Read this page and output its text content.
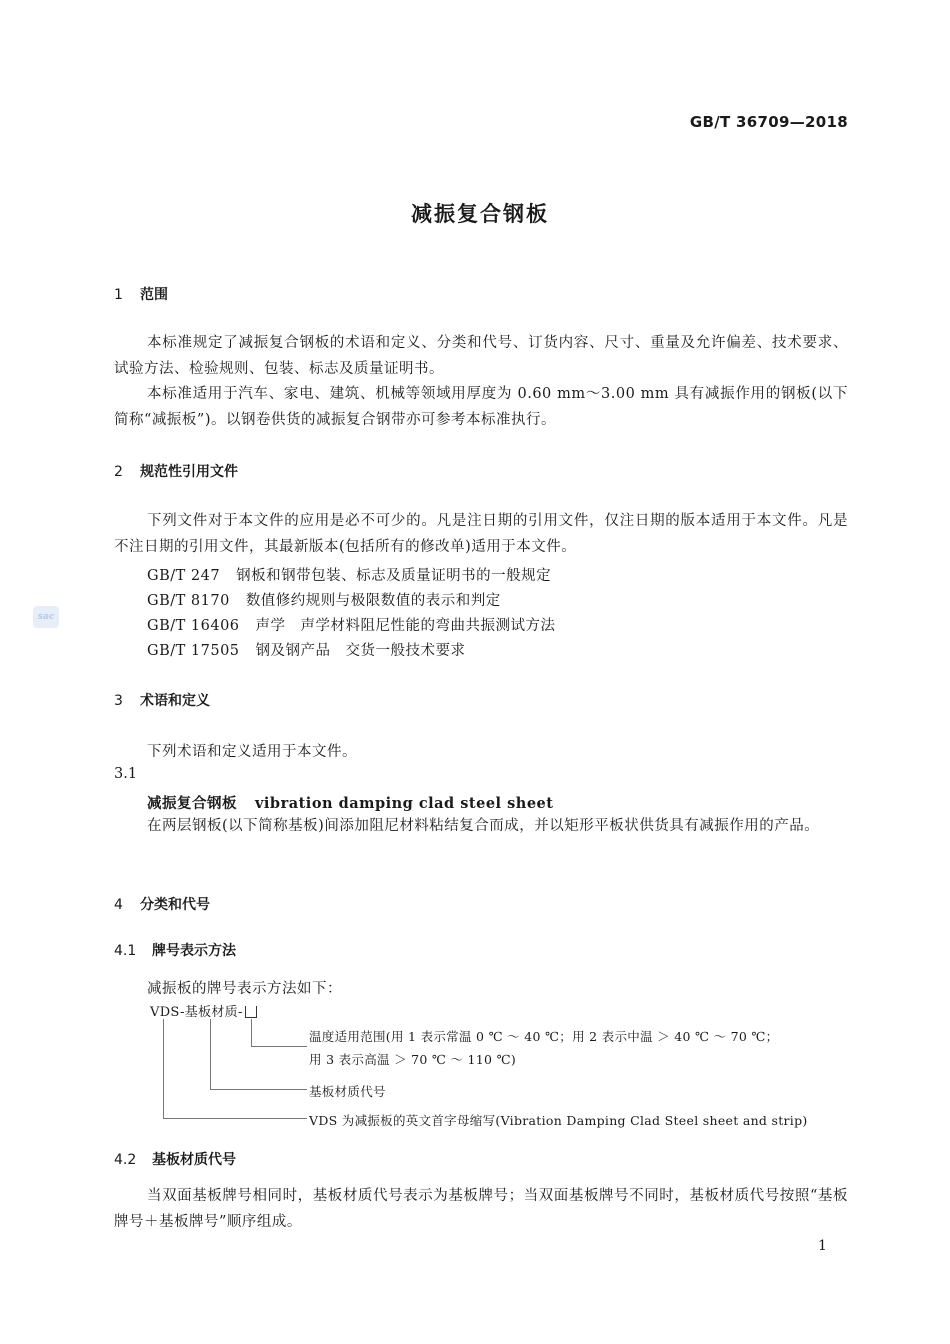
GB/T 36709—2018
减振复合钢板
1 范围
本标准规定了减振复合钢板的术语和定义、分类和代号、订货内容、尺寸、重量及允许偏差、技术要求、试验方法、检验规则、包装、标志及质量证明书。
本标准适用于汽车、家电、建筑、机械等领域用厚度为 0.60 mm～3.00 mm 具有减振作用的钢板(以下简称“减振板”)。以钢卷供货的减振复合钢带亦可参考本标准执行。
2 规范性引用文件
下列文件对于本文件的应用是必不可少的。凡是注日期的引用文件，仅注日期的版本适用于本文件。凡是不注日期的引用文件，其最新版本(包括所有的修改单)适用于本文件。
GB/T 247 钢板和钢带包装、标志及质量证明书的一般规定
GB/T 8170 数值修约规则与极限数值的表示和判定
GB/T 16406 声学　声学材料阻尼性能的弯曲共振测试方法
GB/T 17505 钢及钢产品　交货一般技术要求
3 术语和定义
下列术语和定义适用于本文件。
3.1
减振复合钢板 vibration damping clad steel sheet
在两层钢板(以下简称基板)间添加阻尼材料粘结复合而成，并以矩形平板状供货具有减振作用的产品。
4 分类和代号
4.1 牌号表示方法
减振板的牌号表示方法如下：
VDS-基板材质-
温度适用范围(用 1 表示常温 0 ℃ ～ 40 ℃；用 2 表示中温 ＞ 40 ℃ ～ 70 ℃；
用 3 表示高温 ＞ 70 ℃ ～ 110 ℃)
基板材质代号
VDS 为减振板的英文首字母缩写(Vibration Damping Clad Steel sheet and strip)
4.2 基板材质代号
当双面基板牌号相同时，基板材质代号表示为基板牌号；当双面基板牌号不同时，基板材质代号按照“基板牌号＋基板牌号”顺序组成。
1
sac
